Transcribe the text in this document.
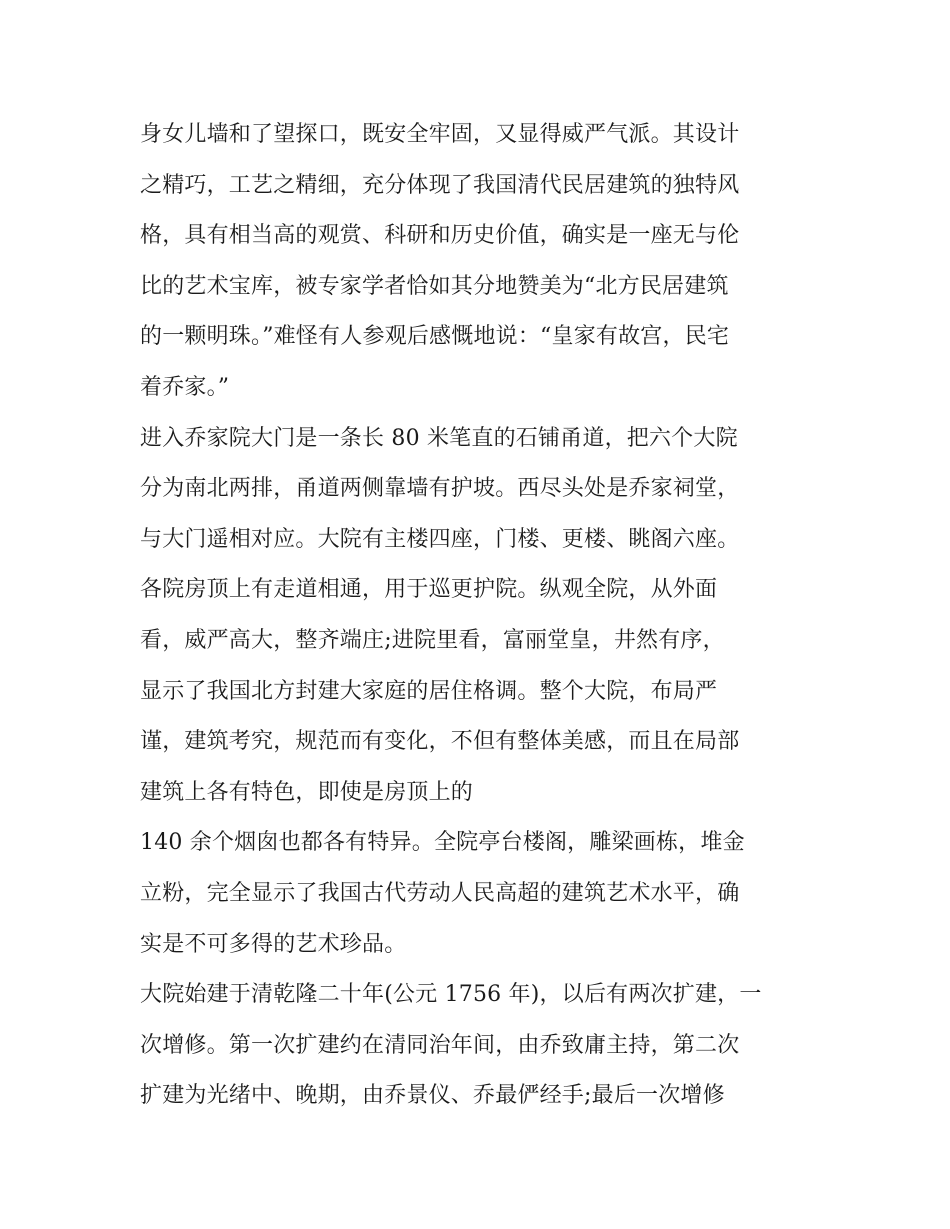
身女儿墙和了望探口，既安全牢固，又显得威严气派。其设计
之精巧，工艺之精细，充分体现了我国清代民居建筑的独特风
格，具有相当高的观赏、科研和历史价值，确实是一座无与伦
比的艺术宝库，被专家学者恰如其分地赞美为“北方民居建筑
的一颗明珠。”难怪有人参观后感慨地说：“皇家有故宫，民宅
着乔家。”
进入乔家院大门是一条长 80 米笔直的石铺甬道，把六个大院
分为南北两排，甬道两侧靠墙有护坡。西尽头处是乔家祠堂，
与大门遥相对应。大院有主楼四座，门楼、更楼、眺阁六座。
各院房顶上有走道相通，用于巡更护院。纵观全院，从外面
看，威严高大，整齐端庄;进院里看，富丽堂皇，井然有序，
显示了我国北方封建大家庭的居住格调。整个大院，布局严
谨，建筑考究，规范而有变化，不但有整体美感，而且在局部
建筑上各有特色，即使是房顶上的
140 余个烟囱也都各有特异。全院亭台楼阁，雕梁画栋，堆金
立粉，完全显示了我国古代劳动人民高超的建筑艺术水平，确
实是不可多得的艺术珍品。
大院始建于清乾隆二十年(公元 1756 年)，以后有两次扩建，一
次增修。第一次扩建约在清同治年间，由乔致庸主持，第二次
扩建为光绪中、晚期，由乔景仪、乔最俨经手;最后一次增修
